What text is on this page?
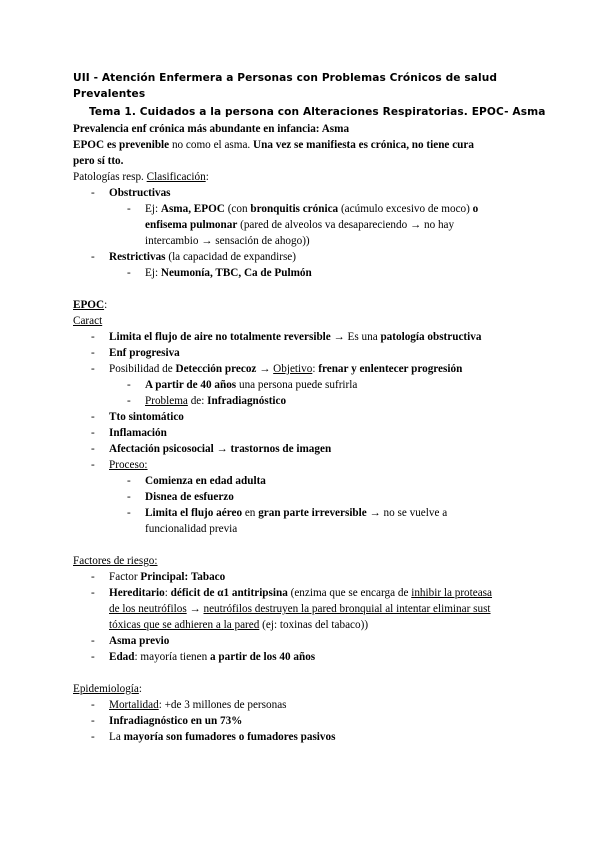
UII - Atención Enfermera a Personas con Problemas Crónicos de salud
Prevalentes
Tema 1. Cuidados a la persona con Alteraciones Respiratorias. EPOC- Asma
Prevalencia enf crónica más abundante en infancia: Asma
EPOC es prevenible no como el asma. Una vez se manifiesta es crónica, no tiene cura
pero sí tto.
Patologías resp. Clasificación:
- Obstructivas
- Ej: Asma, EPOC (con bronquitis crónica (acúmulo excesivo de moco) o
enfisema pulmonar (pared de alveolos va desapareciendo → no hay
intercambio → sensación de ahogo))
- Restrictivas (la capacidad de expandirse)
- Ej: Neumonía, TBC, Ca de Pulmón
EPOC:
Caract
- Limita el flujo de aire no totalmente reversible → Es una patología obstructiva
- Enf progresiva
- Posibilidad de Detección precoz → Objetivo: frenar y enlentecer progresión
- A partir de 40 años una persona puede sufrirla
- Problema de: Infradiagnóstico
- Tto sintomático
- Inflamación
- Afectación psicosocial → trastornos de imagen
- Proceso:
- Comienza en edad adulta
- Disnea de esfuerzo
- Limita el flujo aéreo en gran parte irreversible → no se vuelve a
funcionalidad previa
Factores de riesgo:
- Factor Principal: Tabaco
- Hereditario: déficit de α1 antitripsina (enzima que se encarga de inhibir la proteasa
de los neutrófilos → neutrófilos destruyen la pared bronquial al intentar eliminar sust
tóxicas que se adhieren a la pared (ej: toxinas del tabaco))
- Asma previo
- Edad: mayoría tienen a partir de los 40 años
Epidemiología:
- Mortalidad: +de 3 millones de personas
- Infradiagnóstico en un 73%
- La mayoría son fumadores o fumadores pasivos
